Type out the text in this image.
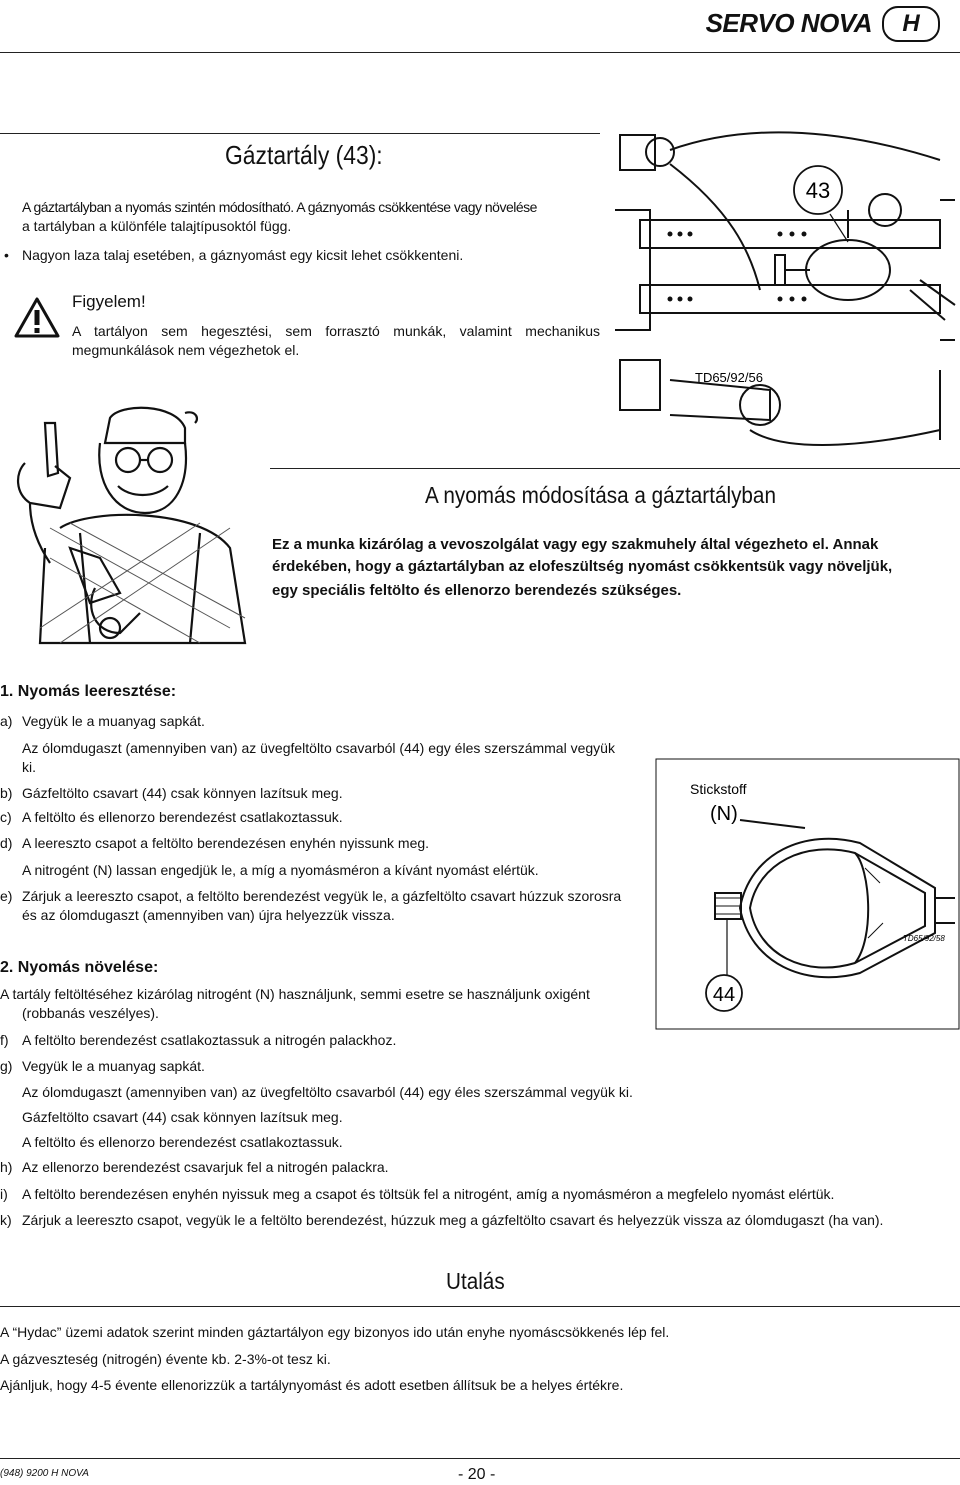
SERVO NOVA	H
Gáztartály (43):
A gáztartályban a nyomás szintén módosítható. A gáznyomás csökkentése vagy növelése
a tartályban a különféle talajtípusoktól függ.
• Nagyon laza talaj esetében, a gáznyomást egy kicsit lehet csökkenteni.
Figyelem!
A tartályon sem hegesztési, sem forrasztó munkák, valamint mechanikus
megmunkálások nem végezhetok el.
43
TD65/92/56
A nyomás módosítása a gáztartályban
Ez a munka kizárólag a vevoszolgálat vagy egy szakmuhely által végezheto el. Annak
érdekében, hogy a gáztartályban az elofeszültség nyomást csökkentsük vagy növeljük,
egy speciális feltölto és ellenorzo berendezés szükséges.
1. Nyomás leeresztése:
a) Vegyük le a muanyag sapkát.
Az ólomdugaszt (amennyiben van) az üvegfeltölto csavarból (44) egy éles szerszámmal vegyük
ki.
b) Gázfeltölto csavart (44) csak könnyen lazítsuk meg.
c) A feltölto és ellenorzo berendezést csatlakoztassuk.
d) A leereszto csapot a feltölto berendezésen enyhén nyissunk meg.
A nitrogént (N) lassan engedjük le, a míg a nyomásméron a kívánt nyomást elértük.
e) Zárjuk a leereszto csapot, a feltölto berendezést vegyük le, a gázfeltölto csavart húzzuk szorosra
és az ólomdugaszt (amennyiben van) újra helyezzük vissza.
Stickstoff
(N)
TD65/92/58
44
2. Nyomás növelése:
A tartály feltöltéséhez kizárólag nitrogént (N) használjunk, semmi esetre se használjunk oxigént
(robbanás veszélyes).
f) A feltölto berendezést csatlakoztassuk a nitrogén palackhoz.
g) Vegyük le a muanyag sapkát.
Az ólomdugaszt (amennyiben van) az üvegfeltölto csavarból (44) egy éles szerszámmal vegyük ki.
Gázfeltölto csavart (44) csak könnyen lazítsuk meg.
A feltölto és ellenorzo berendezést csatlakoztassuk.
h) Az ellenorzo berendezést csavarjuk fel a nitrogén palackra.
i) A feltölto berendezésen enyhén nyissuk meg a csapot és töltsük fel a nitrogént, amíg a nyomásméron a megfelelo nyomást elértük.
k) Zárjuk a leereszto csapot, vegyük le a feltölto berendezést, húzzuk meg a gázfeltölto csavart és helyezzük vissza az ólomdugaszt (ha van).
Utalás
A “Hydac” üzemi adatok szerint minden gáztartályon egy bizonyos ido után enyhe nyomáscsökkenés lép fel.
A gázveszteség (nitrogén) évente kb. 2-3%-ot tesz ki.
Ajánljuk, hogy 4-5 évente ellenorizzük a tartálynyomást és adott esetben állítsuk be a helyes értékre.
(948) 9200 H NOVA	- 20 -
